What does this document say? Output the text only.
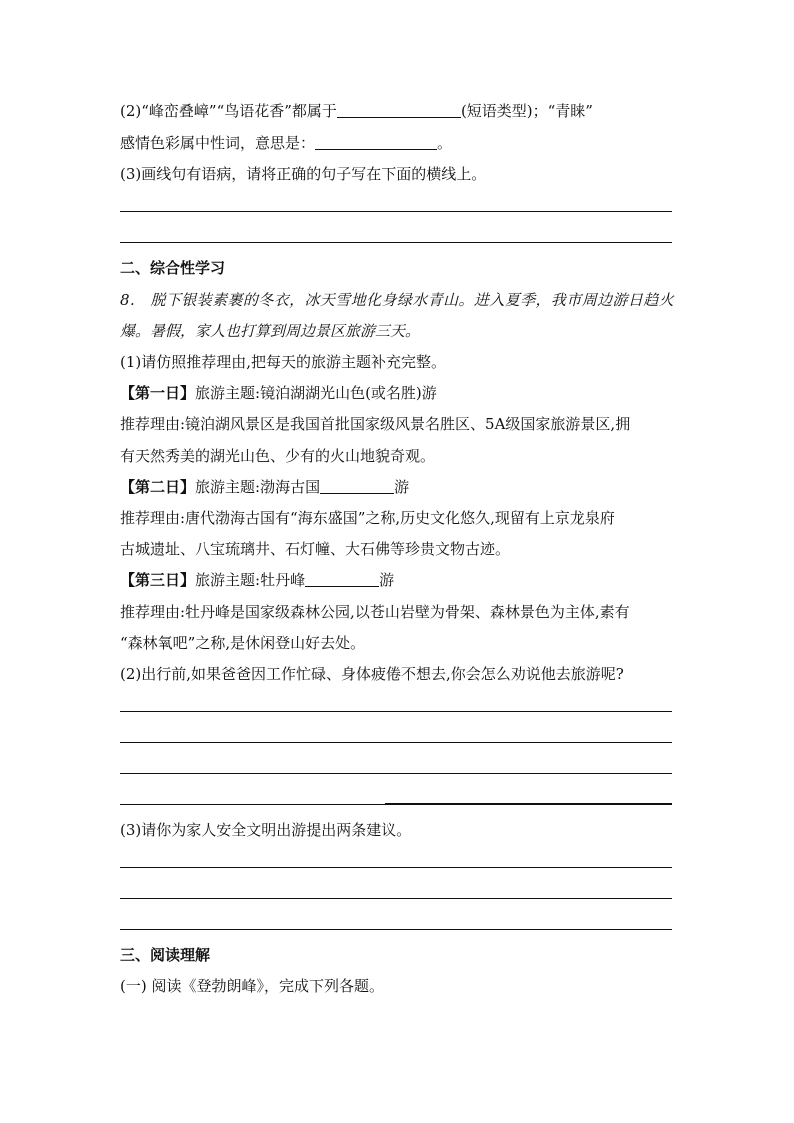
(2)“峰峦叠嶂”“鸟语花香”都属于	(短语类型)；“青睐”
感情色彩属中性词，意思是：	。
(3)画线句有语病，请将正确的句子写在下面的横线上。
二、综合性学习
8.　脱下银装素裹的冬衣，冰天雪地化身绿水青山。进入夏季，我市周边游日趋火
爆。暑假，家人也打算到周边景区旅游三天。
(1)请仿照推荐理由,把每天的旅游主题补充完整。
【第一日】旅游主题:镜泊湖湖光山色(或名胜)游
推荐理由:镜泊湖风景区是我国首批国家级风景名胜区、5A级国家旅游景区,拥
有天然秀美的湖光山色、少有的火山地貌奇观。
【第二日】旅游主题:渤海古国	游
推荐理由:唐代渤海古国有“海东盛国”之称,历史文化悠久,现留有上京龙泉府
古城遗址、八宝琉璃井、石灯幢、大石佛等珍贵文物古迹。
【第三日】旅游主题:牡丹峰	游
推荐理由:牡丹峰是国家级森林公园,以苍山岩壁为骨架、森林景色为主体,素有
“森林氧吧”之称,是休闲登山好去处。
(2)出行前,如果爸爸因工作忙碌、身体疲倦不想去,你会怎么劝说他去旅游呢?
(3)请你为家人安全文明出游提出两条建议。
三、阅读理解
(一) 阅读《登勃朗峰》，完成下列各题。
